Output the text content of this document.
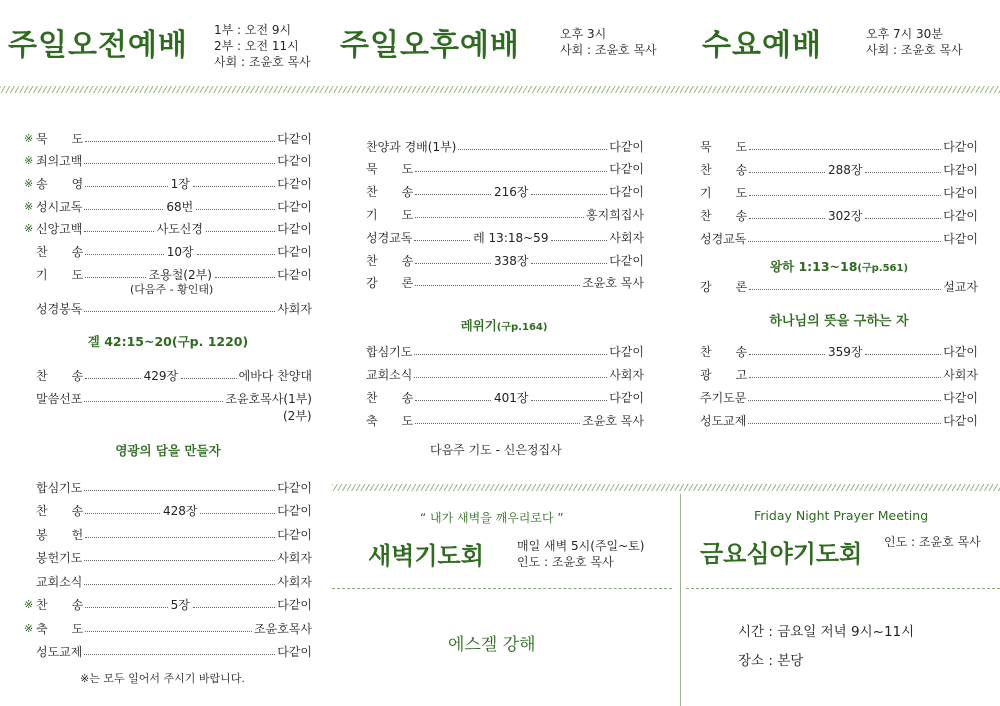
주일오전예배 1부 : 오전 9시
2부 : 오전 11시
사회 : 조윤호 목사 주일오후예배	오후 3시
사회 : 조윤호 목사 수요예배	오후 7시 30분
사회 : 조윤호 목사
※ 묵　　도	다같이
※ 죄의고백	다같이
※ 송　　영	1장	다같이
※ 성시교독	68번	다같이
※ 신앙고백	사도신경	다같이
찬　　송	10장	다같이
기　　도	조용철(2부)	다같이
(다음주 - 황인태)
성경봉독	사회자
겔 42:15~20(구p. 1220)
찬　　송	429장	에바다 찬양대
말씀선포	조윤호목사(1부)
(2부)
영광의 담을 만들자
합심기도	다같이
찬　　송	428장	다같이
봉　　헌	다같이
봉헌기도	사회자
교회소식	사회자
※ 찬　　송	5장	다같이
※ 축　　도	조윤호목사
성도교제	다같이
※는 모두 일어서 주시기 바랍니다.
찬양과 경배(1부)	다같이
묵　　도	다같이
찬　　송	216장	다같이
기　　도	홍지희집사
성경교독	레 13:18~59	사회자
찬　　송	338장	다같이
강　　론	조윤호 목사
레위기(구p.164)
합심기도	다같이
교회소식	사회자
찬　　송	401장	다같이
축　　도	조윤호 목사
다음주 기도 - 신은정집사
묵　　도	다같이
찬　　송	288장	다같이
기　　도	다같이
찬　　송	302장	다같이
성경교독	다같이
왕하 1:13~18(구p.561)
강　　론	설교자
하나님의 뜻을 구하는 자
찬　　송	359장	다같이
광　　고	사회자
주기도문	다같이
성도교제	다같이
“ 내가 새벽을 깨우리로다 ”
새벽기도회	매일 새벽 5시(주일~토)
인도 : 조윤호 목사
에스겔 강해
Friday Night Prayer Meeting
금요심야기도회 인도 : 조윤호 목사
시간 : 금요일 저녁 9시~11시
장소 : 본당
